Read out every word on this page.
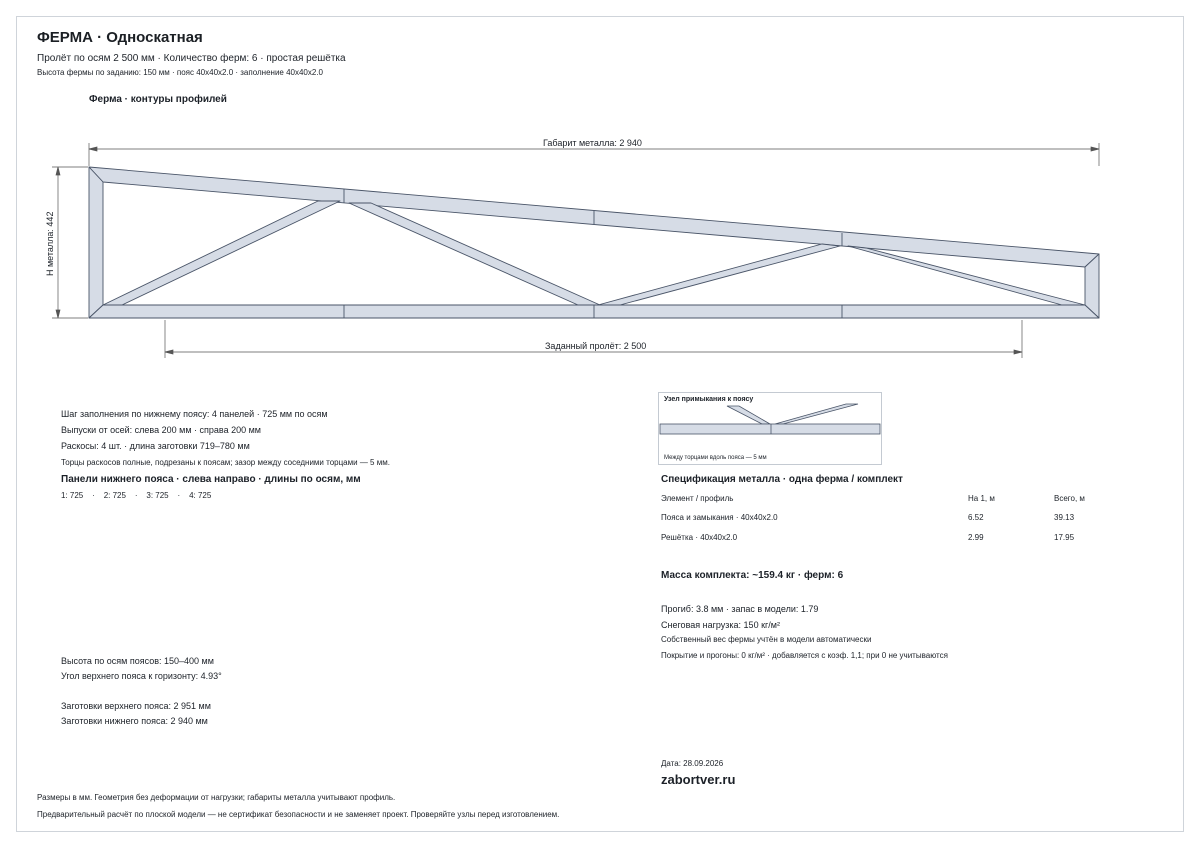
ФЕРМА · Односкатная
Пролёт по осям 2 500 мм · Количество ферм: 6 · простая решётка
Высота фермы по заданию: 150 мм · пояс 40x40x2.0 · заполнение 40x40x2.0
Ферма · контуры профилей
Габарит металла: 2 940
H металла: 442
Заданный пролёт: 2 500
Шаг заполнения по нижнему поясу: 4 панелей · 725 мм по осям
Выпуски от осей: слева 200 мм · справа 200 мм
Раскосы: 4 шт. · длина заготовки 719–780 мм
Торцы раскосов полные, подрезаны к поясам; зазор между соседними торцами — 5 мм.
Панели нижнего пояса · слева направо · длины по осям, мм
1: 725    ·    2: 725    ·    3: 725    ·    4: 725
Высота по осям поясов: 150–400 мм
Угол верхнего пояса к горизонту: 4.93°
Заготовки верхнего пояса: 2 951 мм
Заготовки нижнего пояса: 2 940 мм
Узел примыкания к поясу
Между торцами вдоль пояса — 5 мм
Спецификация металла · одна ферма / комплект
Элемент / профиль	На 1, м	Всего, м
Пояса и замыкания · 40x40x2.0	6.52	39.13
Решётка · 40x40x2.0	2.99	17.95
Масса комплекта: ~159.4 кг · ферм: 6
Прогиб: 3.8 мм · запас в модели: 1.79
Снеговая нагрузка: 150 кг/м²
Собственный вес фермы учтён в модели автоматически
Покрытие и прогоны: 0 кг/м² · добавляется с коэф. 1,1; при 0 не учитываются
Дата: 28.09.2026
zabortver.ru
Размеры в мм. Геометрия без деформации от нагрузки; габариты металла учитывают профиль.
Предварительный расчёт по плоской модели — не сертификат безопасности и не заменяет проект. Проверяйте узлы перед изготовлением.
